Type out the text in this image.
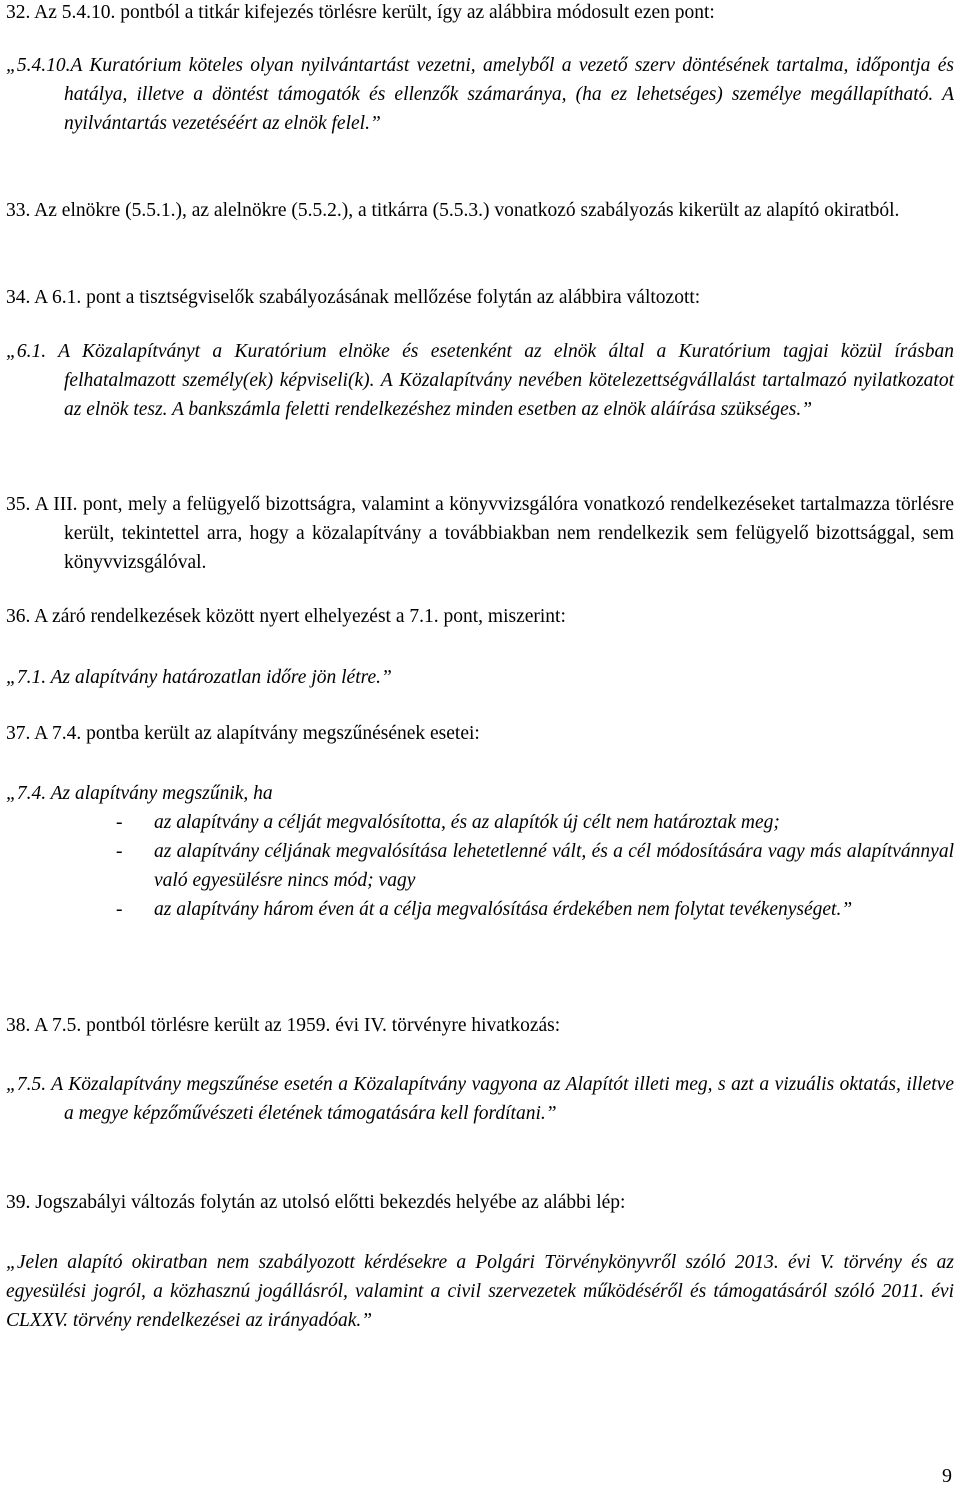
32. Az 5.4.10. pontból a titkár kifejezés törlésre került, így az alábbira módosult ezen pont:

„5.4.10.A Kuratórium köteles olyan nyilvántartást vezetni, amelyből a vezető szerv döntésének tartalma, időpontja és hatálya, illetve a döntést támogatók és ellenzők számaránya, (ha ez lehetséges) személye megállapítható. A nyilvántartás vezetéséért az elnök felel.”

33. Az elnökre (5.5.1.), az alelnökre (5.5.2.), a titkárra (5.5.3.) vonatkozó szabályozás kikerült az alapító okiratból.

34. A 6.1. pont a tisztségviselők szabályozásának mellőzése folytán az alábbira változott:

„6.1. A Közalapítványt a Kuratórium elnöke és esetenként az elnök által a Kuratórium tagjai közül írásban felhatalmazott személy(ek) képviseli(k). A Közalapítvány nevében kötelezettségvállalást tartalmazó nyilatkozatot az elnök tesz. A bankszámla feletti rendelkezéshez minden esetben az elnök aláírása szükséges.”

35. A III. pont, mely a felügyelő bizottságra, valamint a könyvvizsgálóra vonatkozó rendelkezéseket tartalmazza törlésre került, tekintettel arra, hogy a közalapítvány a továbbiakban nem rendelkezik sem felügyelő bizottsággal, sem könyvvizsgálóval.

36. A záró rendelkezések között nyert elhelyezést a 7.1. pont, miszerint:

„7.1. Az alapítvány határozatlan időre jön létre.”

37. A 7.4. pontba került az alapítvány megszűnésének esetei:

„7.4. Az alapítvány megszűnik, ha

- az alapítvány a célját megvalósította, és az alapítók új célt nem határoztak meg;
- az alapítvány céljának megvalósítása lehetetlenné vált, és a cél módosítására vagy más alapítvánnyal való egyesülésre nincs mód; vagy
- az alapítvány három éven át a célja megvalósítása érdekében nem folytat tevékenységet.”

38. A 7.5. pontból törlésre került az 1959. évi IV. törvényre hivatkozás:

„7.5. A Közalapítvány megszűnése esetén a Közalapítvány vagyona az Alapítót illeti meg, s azt a vizuális oktatás, illetve a megye képzőművészeti életének támogatására kell fordítani.”

39. Jogszabályi változás folytán az utolsó előtti bekezdés helyébe az alábbi lép:

„Jelen alapító okiratban nem szabályozott kérdésekre a Polgári Törvénykönyvről szóló 2013. évi V. törvény és az egyesülési jogról, a közhasznú jogállásról, valamint a civil szervezetek működéséről és támogatásáról szóló 2011. évi CLXXV. törvény rendelkezései az irányadóak.”

9
